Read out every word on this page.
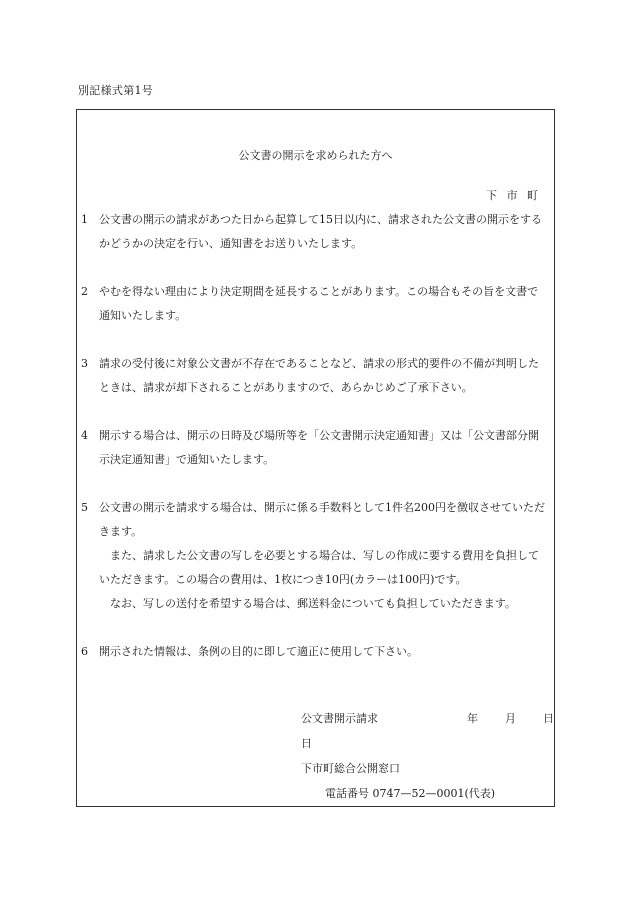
別記様式第1号
公文書の開示を求められた方へ
下 市 町
1	公文書の開示の請求があつた日から起算して15日以内に、請求された公文書の開示をするかどうかの決定を行い、通知書をお送りいたします。

2	やむを得ない理由により決定期間を延長することがあります。この場合もその旨を文書で通知いたします。

3	請求の受付後に対象公文書が不存在であることなど、請求の形式的要件の不備が判明したときは、請求が却下されることがありますので、あらかじめご了承下さい。

4	開示する場合は、開示の日時及び場所等を「公文書開示決定通知書」又は「公文書部分開示決定通知書」で通知いたします。

5	公文書の開示を請求する場合は、開示に係る手数料として1件名200円を徴収させていただきます。

また、請求した公文書の写しを必要とする場合は、写しの作成に要する費用を負担していただきます。この場合の費用は、1枚につき10円(カラーは100円)です。

なお、写しの送付を希望する場合は、郵送料金についても負担していただきます。

6	開示された情報は、条例の目的に即して適正に使用して下さい。

公文書開示請求日
年	月	日
下市町総合公開窓口
電話番号 0747—52—0001(代表)
